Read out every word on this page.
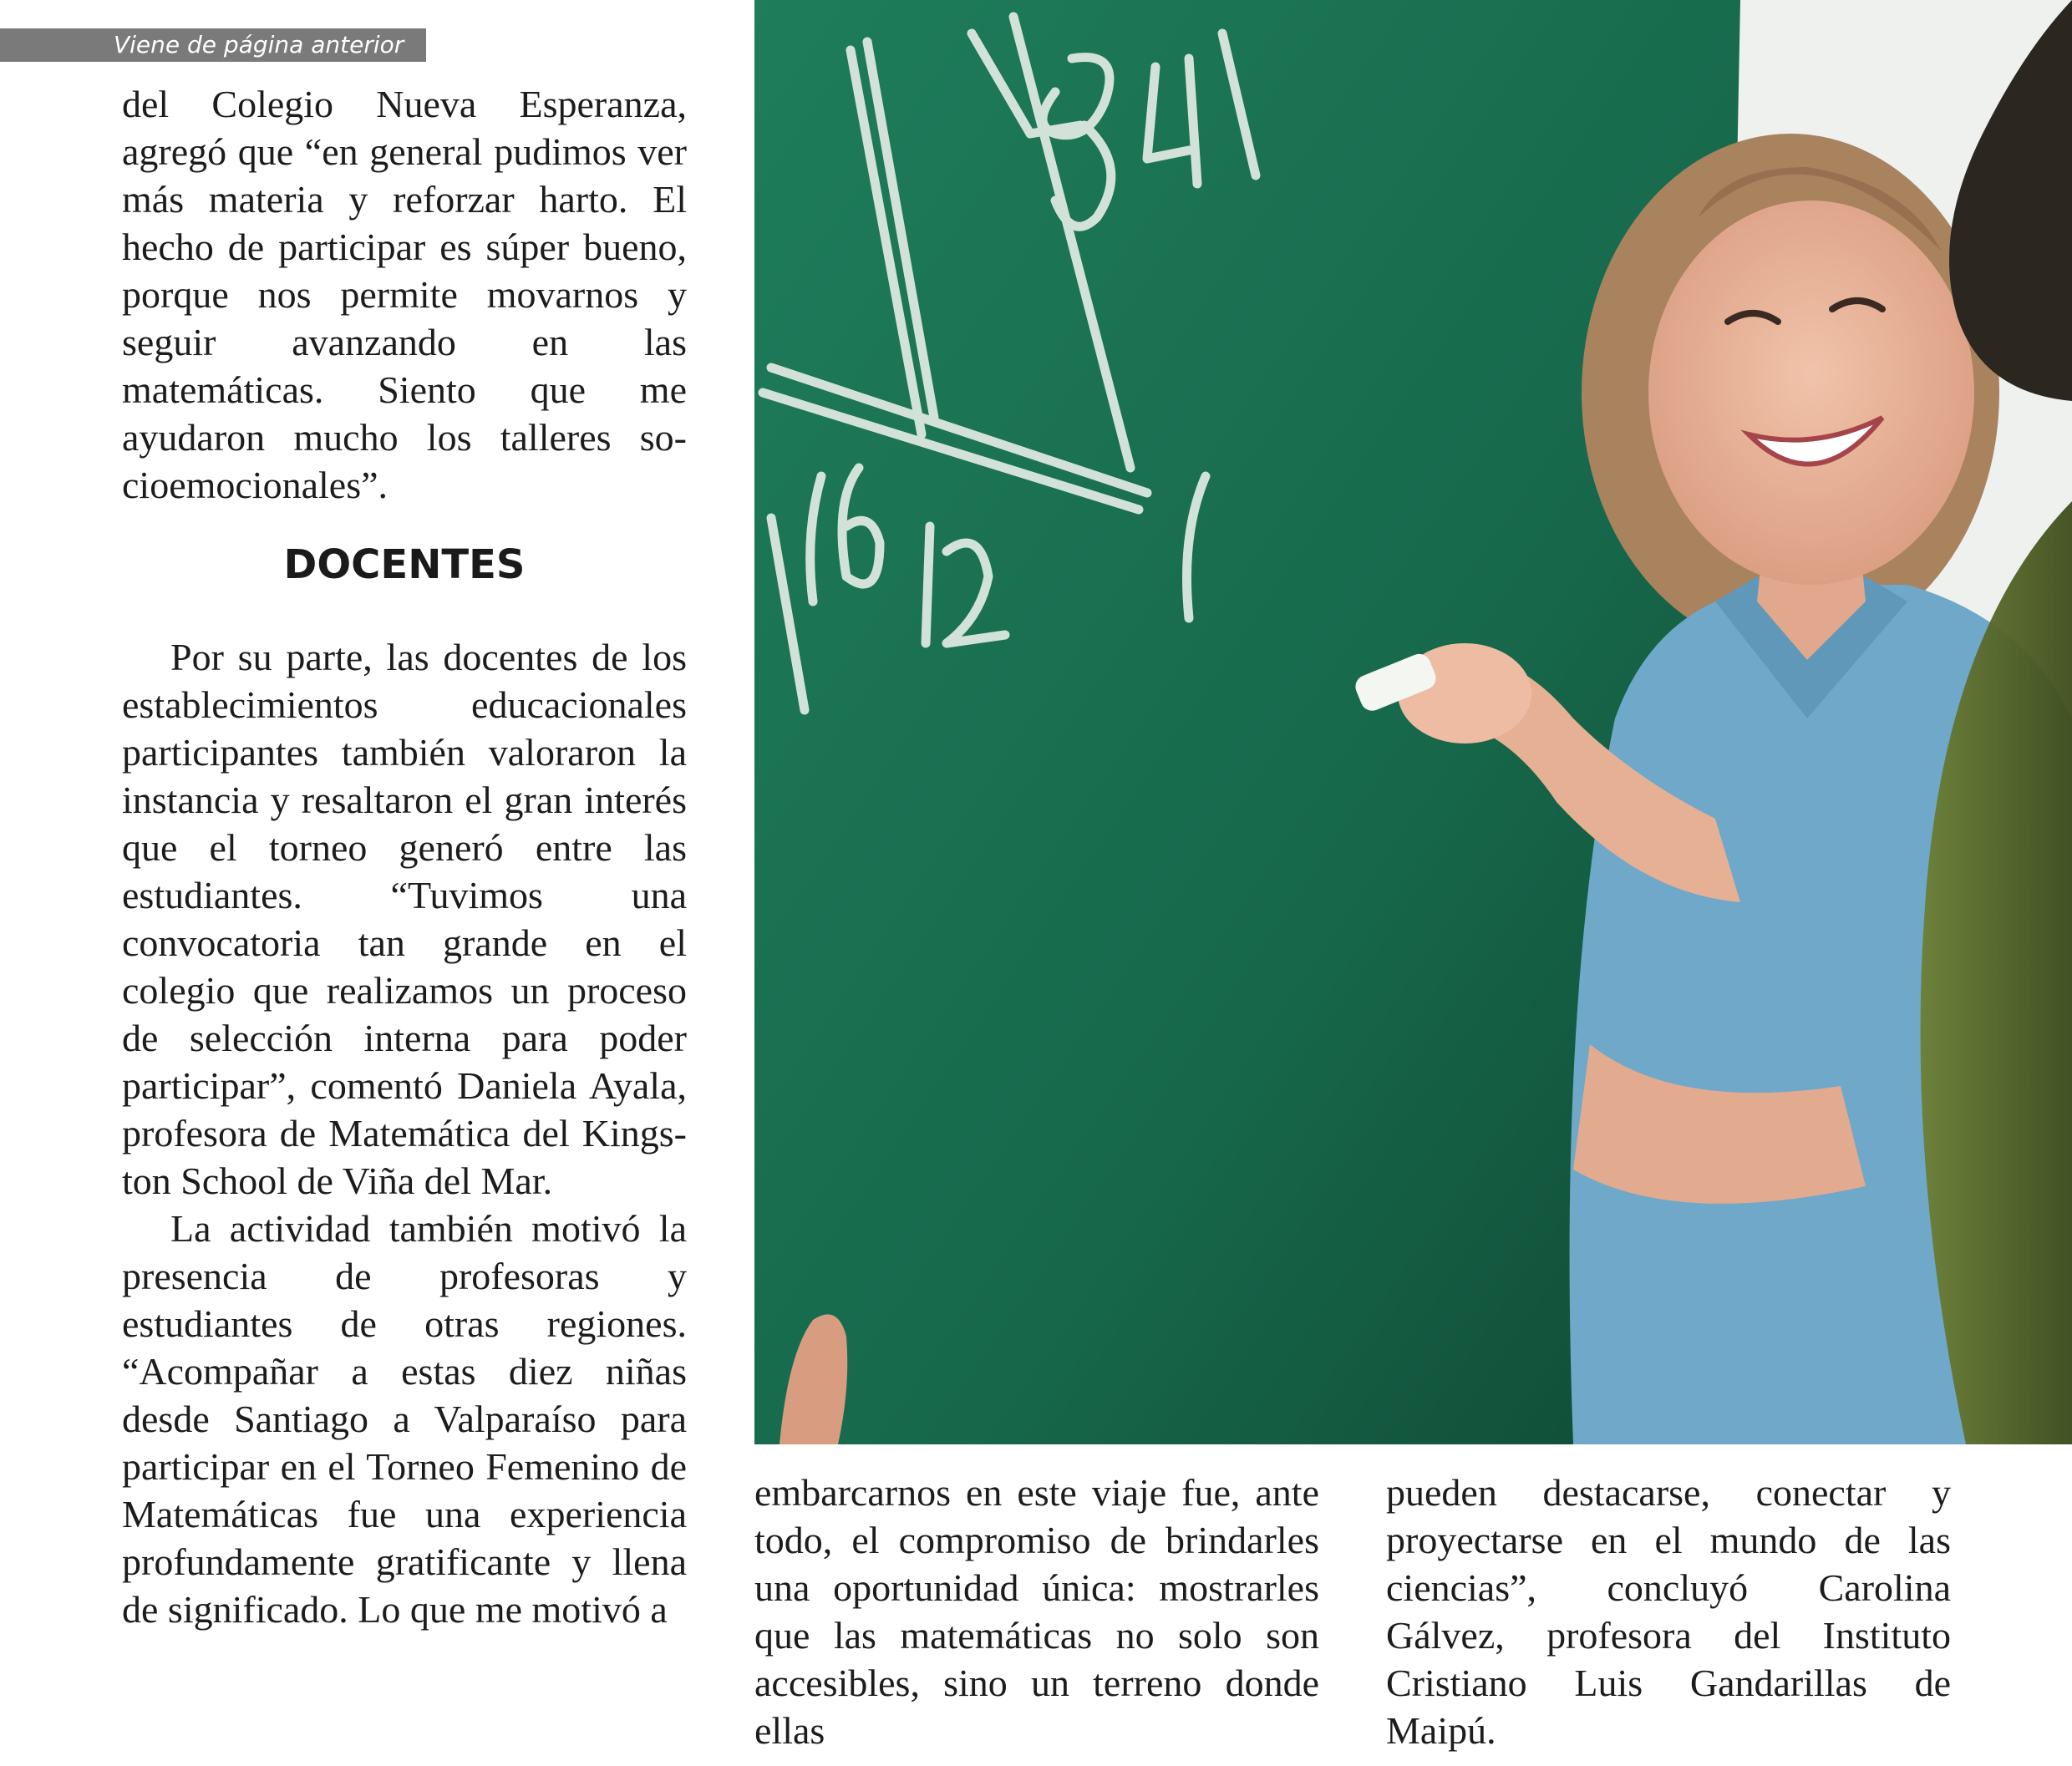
Viene de página anterior

del Colegio Nueva Esperanza, agregó que “en general pudimos ver más materia y reforzar harto. El hecho de participar es súper bueno, porque nos permite movarnos y seguir avanzando en las matemáticas. Siento que me ayudaron mucho los talleres socioemocionales”.

DOCENTES

Por su parte, las docentes de los establecimientos educacionales participantes también valoraron la instancia y resaltaron el gran interés que el torneo generó entre las estudiantes. “Tuvimos una convocatoria tan grande en el colegio que realizamos un proceso de selección interna para poder participar”, comentó Daniela Ayala, profesora de Matemática del Kingston School de Viña del Mar.

La actividad también motivó la presencia de profesoras y estudiantes de otras regiones. “Acompañar a estas diez niñas desde Santiago a Valparaíso para participar en el Torneo Femenino de Matemáticas fue una experiencia profundamente gratificante y llena de significado. Lo que me motivó a

embarcarnos en este viaje fue, ante todo, el compromiso de brindarles una oportunidad única: mostrarles que las matemáticas no solo son accesibles, sino un terreno donde ellas

pueden destacarse, conectar y proyectarse en el mundo de las ciencias”, concluyó Carolina Gálvez, profesora del Instituto Cristiano Luis Gandarillas de Maipú.
